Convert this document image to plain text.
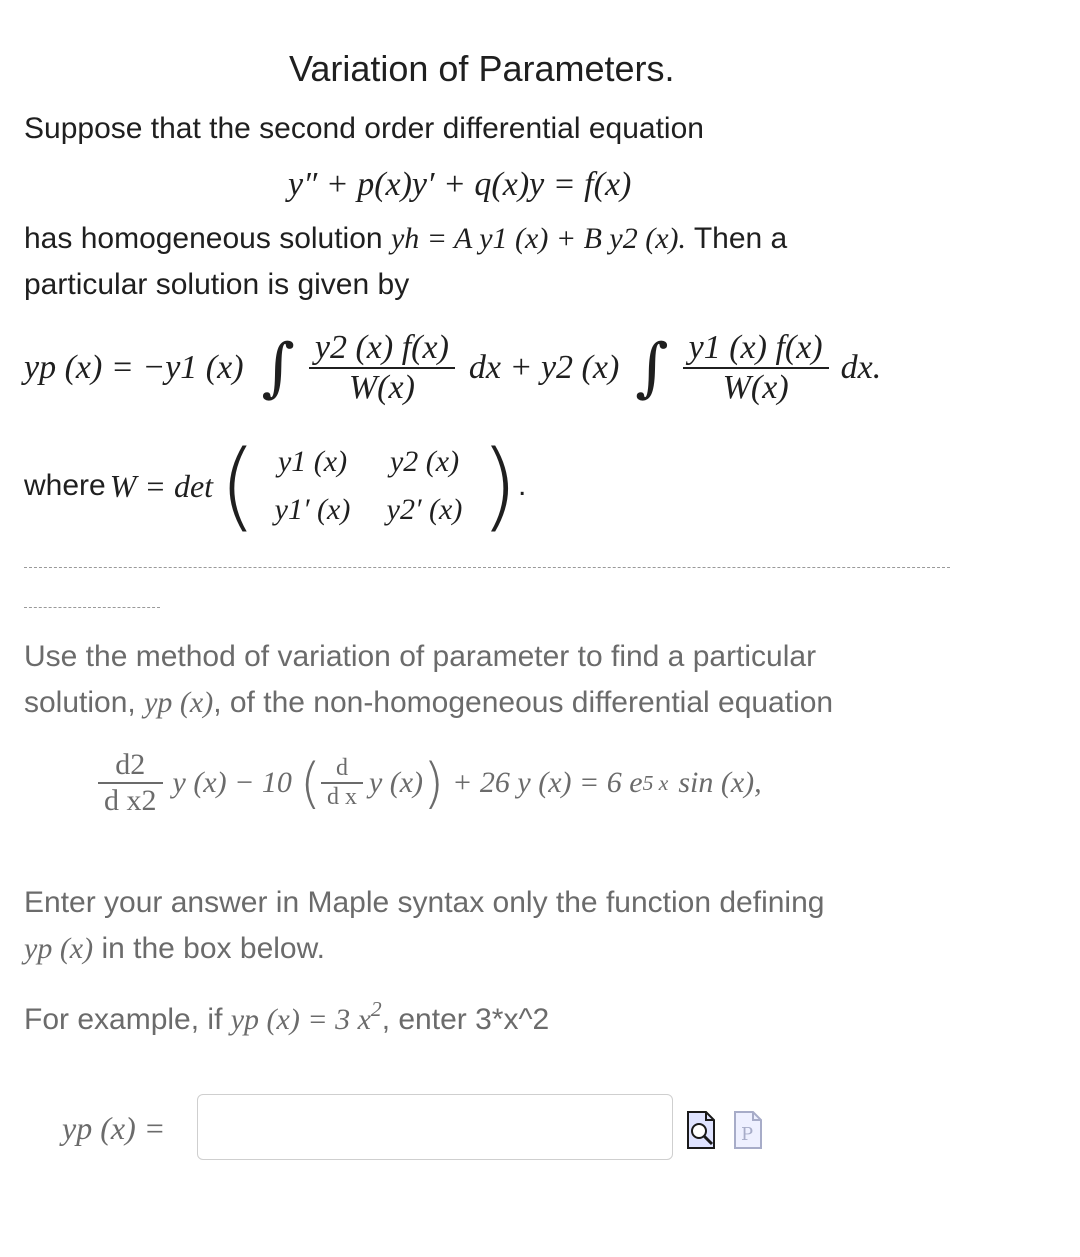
Variation of Parameters.
Suppose that the second order differential equation
y″ + p(x)y′ + q(x)y = f(x)
has homogeneous solution yh = A y1 (x) + B y2 (x). Then a
particular solution is given by
yp (x) = −y1 (x) ∫ $\frac{y2 (x) f(x)}{W(x)}$ dx + y2 (x) ∫ $\frac{y1 (x) f(x)}{W(x)}$ dx.
where W = det ( y1 (x) y2 (x)
y1′ (x) y2′ (x) ) .
Use the method of variation of parameter to find a particular
solution, yp (x), of the non-homogeneous differential equation
$\frac{d2}{\text{d x2}}$ y (x) − 10 ( $\frac{d}{\text{d x}}$ y (x) ) + 26 y (x) = 6 e 5 x sin (x),
Enter your answer in Maple syntax only the function defining
yp (x) in the box below.
For example, if yp (x) = 3 $x^2$, enter 3*x^2
yp (x) =	P
